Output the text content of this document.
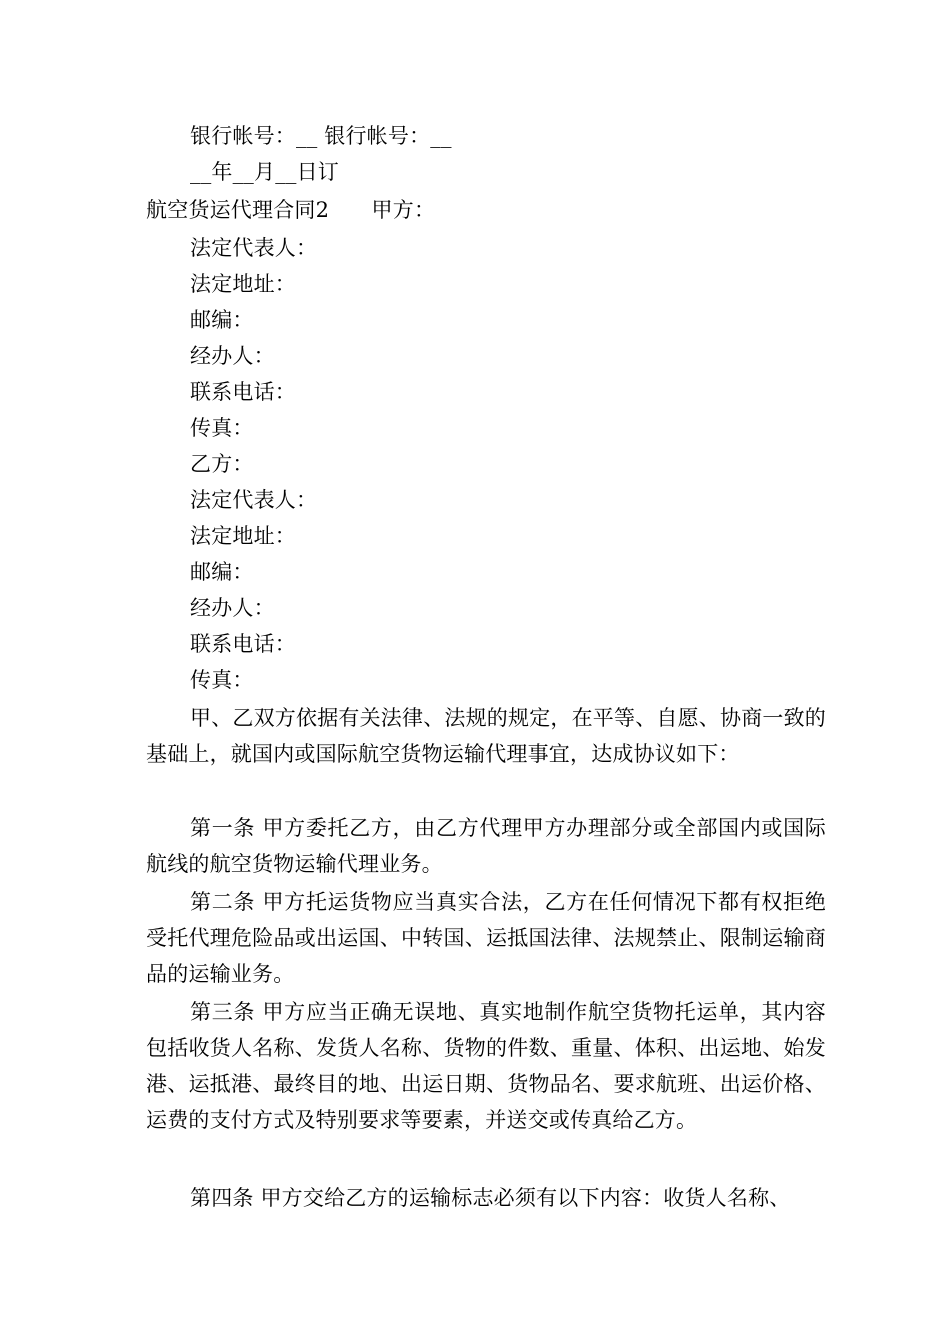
银行帐号：__ 银行帐号：__
__年__月__日订
航空货运代理合同2　　甲方：
法定代表人：
法定地址：
邮编：
经办人：
联系电话：
传真：
乙方：
法定代表人：
法定地址：
邮编：
经办人：
联系电话：
传真：
甲、乙双方依据有关法律、法规的规定，在平等、自愿、协商一致的基础上，就国内或国际航空货物运输代理事宜，达成协议如下：
第一条 甲方委托乙方，由乙方代理甲方办理部分或全部国内或国际航线的航空货物运输代理业务。
第二条 甲方托运货物应当真实合法，乙方在任何情况下都有权拒绝受托代理危险品或出运国、中转国、运抵国法律、法规禁止、限制运输商品的运输业务。
第三条 甲方应当正确无误地、真实地制作航空货物托运单，其内容包括收货人名称、发货人名称、货物的件数、重量、体积、出运地、始发港、运抵港、最终目的地、出运日期、货物品名、要求航班、出运价格、运费的支付方式及特别要求等要素，并送交或传真给乙方。
第四条 甲方交给乙方的运输标志必须有以下内容：收货人名称、
